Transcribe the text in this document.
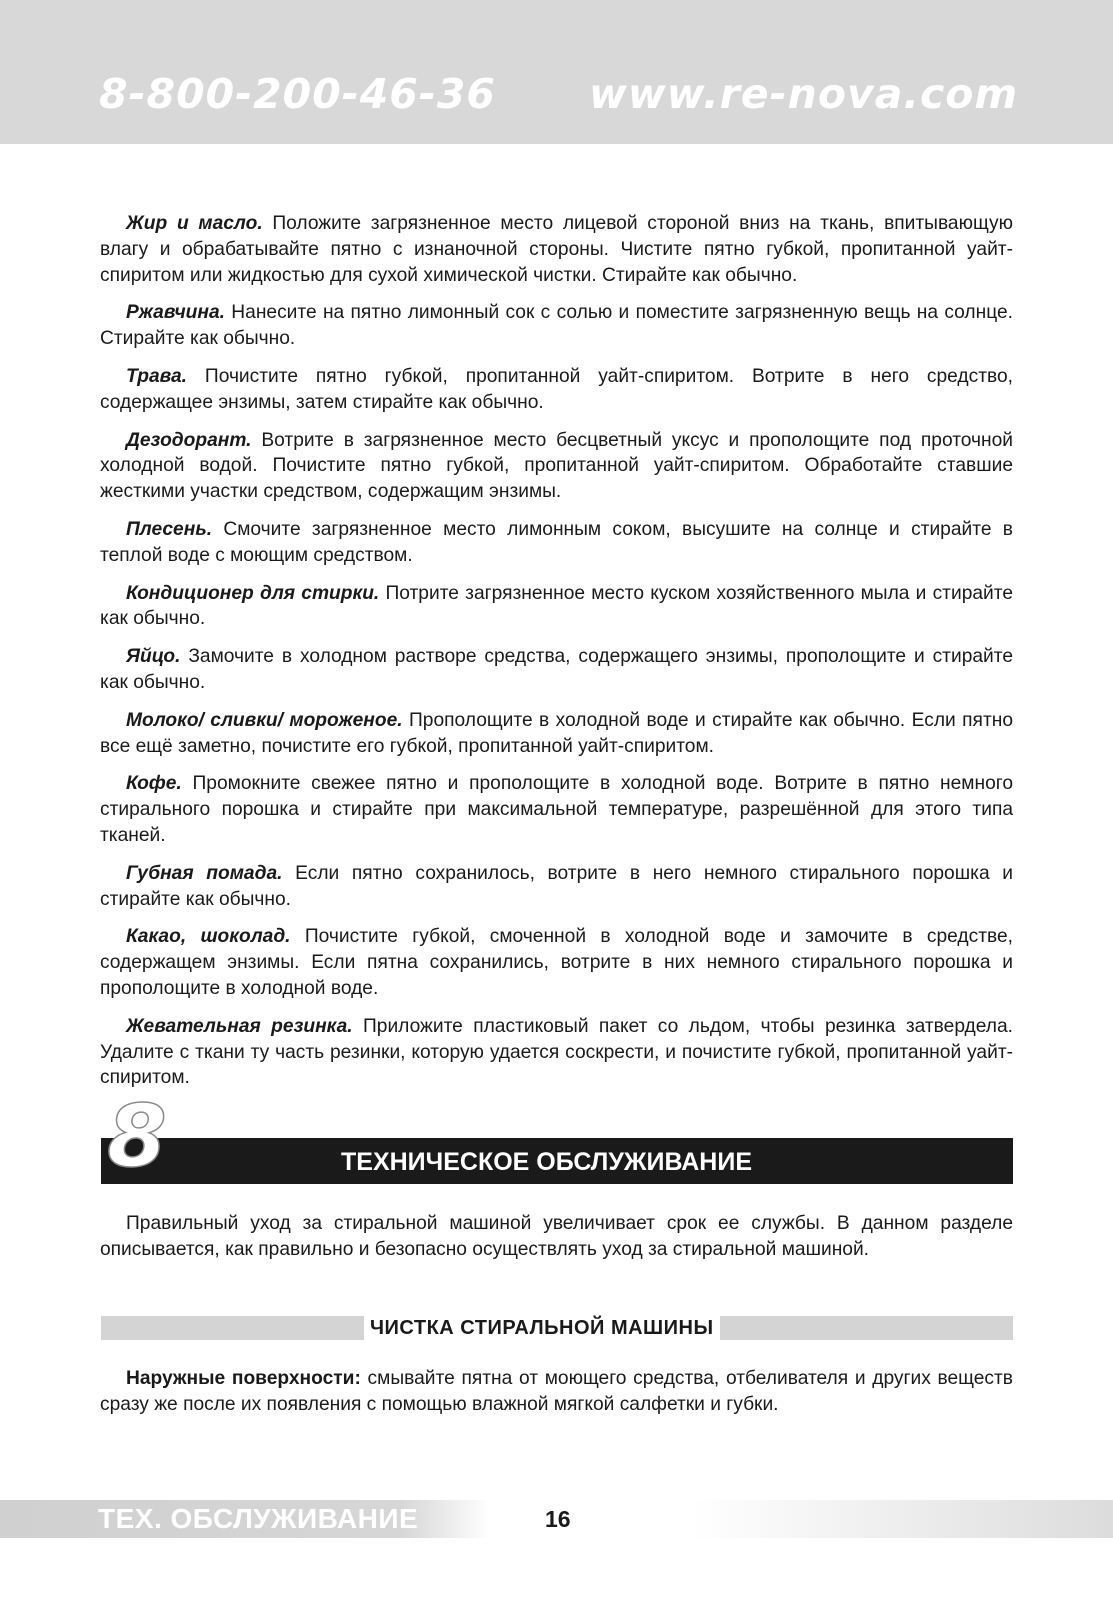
8-800-200-46-36 www.re-nova.com

Жир и масло. Положите загрязненное место лицевой стороной вниз на ткань, впитывающую влагу и обрабатывайте пятно с изнаночной стороны. Чистите пятно губкой, пропитанной уайт-спиритом или жидкостью для сухой химической чистки. Стирайте как обычно.

Ржавчина. Нанесите на пятно лимонный сок с солью и поместите загрязненную вещь на солнце. Стирайте как обычно.

Трава. Почистите пятно губкой, пропитанной уайт-спиритом. Вотрите в него средство, содержащее энзимы, затем стирайте как обычно.

Дезодорант. Вотрите в загрязненное место бесцветный уксус и прополощите под проточной холодной водой. Почистите пятно губкой, пропитанной уайт-спиритом. Обработайте ставшие жесткими участки средством, содержащим энзимы.

Плесень. Смочите загрязненное место лимонным соком, высушите на солнце и стирайте в теплой воде с моющим средством.

Кондиционер для стирки. Потрите загрязненное место куском хозяйственного мыла и стирайте как обычно.

Яйцо. Замочите в холодном растворе средства, содержащего энзимы, прополощите и стирайте как обычно.

Молоко/ сливки/ мороженое. Прополощите в холодной воде и стирайте как обычно. Если пятно все ещё заметно, почистите его губкой, пропитанной уайт-спиритом.

Кофе. Промокните свежее пятно и прополощите в холодной воде. Вотрите в пятно немного стирального порошка и стирайте при максимальной температуре, разрешённой для этого типа тканей.

Губная помада. Если пятно сохранилось, вотрите в него немного стирального порошка и стирайте как обычно.

Какао, шоколад. Почистите губкой, смоченной в холодной воде и замочите в средстве, содержащем энзимы. Если пятна сохранились, вотрите в них немного стирального порошка и прополощите в холодной воде.

Жевательная резинка. Приложите пластиковый пакет со льдом, чтобы резинка затвердела. Удалите с ткани ту часть резинки, которую удается соскрести, и почистите губкой, пропитанной уайт-спиритом.

ТЕХНИЧЕСКОЕ ОБСЛУЖИВАНИЕ
8

Правильный уход за стиральной машиной увеличивает срок ее службы. В данном разделе описывается, как правильно и безопасно осуществлять уход за стиральной машиной.

ЧИСТКА СТИРАЛЬНОЙ МАШИНЫ

Наружные поверхности: смывайте пятна от моющего средства, отбеливателя и других веществ сразу же после их появления с помощью влажной мягкой салфетки и губки.

ТЕХ. ОБСЛУЖИВАНИЕ	16
